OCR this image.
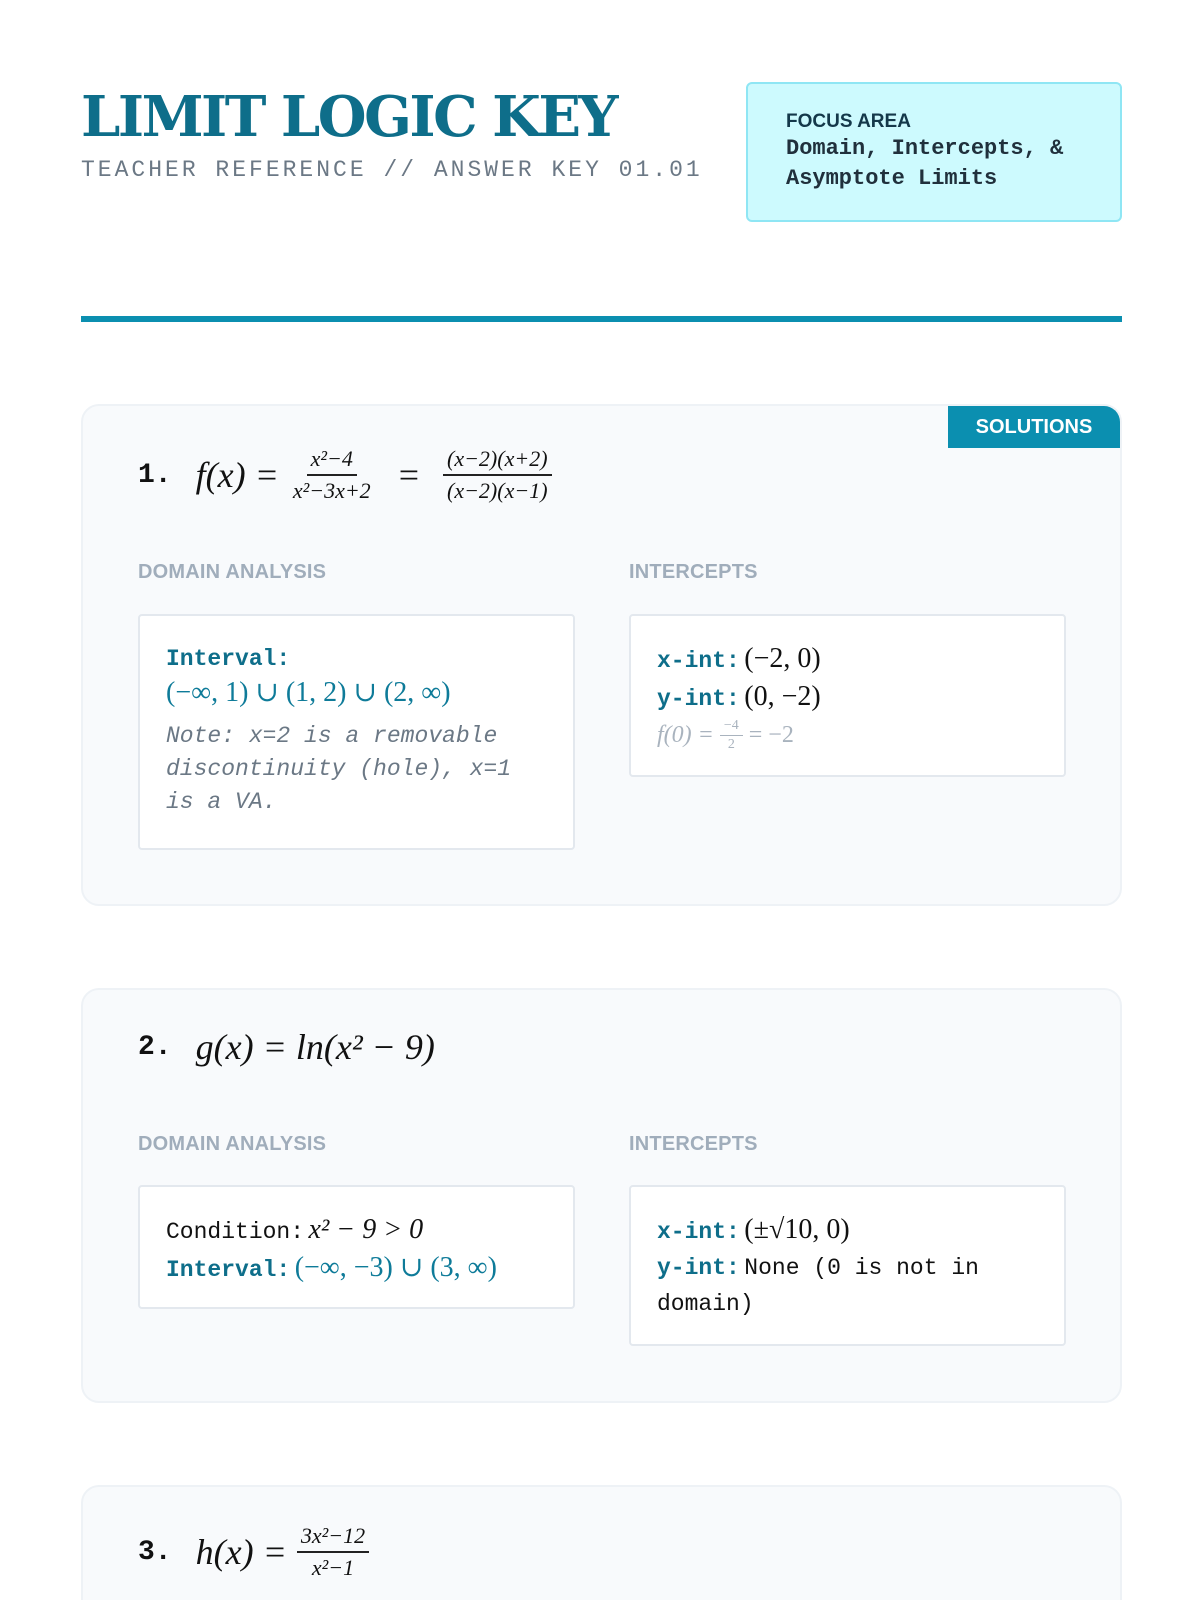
LIMIT LOGIC KEY
TEACHER REFERENCE // ANSWER KEY 01.01
FOCUS AREA
Domain, Intercepts, &
Asymptote Limits
SOLUTIONS
1. $f(x) = \frac{\text{x²−4}}{\text{x²−3x+2}} = \frac{(x-2)(x+2)}{(x-2)(x-1)}$
DOMAIN ANALYSIS	INTERCEPTS
Interval:
(−∞, 1) ∪ (1, 2) ∪ (2, ∞)
Note: x=2 is a removable discontinuity (hole), x=1 is a VA.
x-int: (−2, 0)
y-int: (0, −2)
$f(0) = \frac{-4}{2} = -2$
2. g(x) = ln(x² − 9)
DOMAIN ANALYSIS	INTERCEPTS
Condition: x² − 9 > 0
Interval: (−∞, −3) ∪ (3, ∞)
x-int: (±√10, 0)
y-int: None (0 is not in domain)
3. $h(x) = \frac{\text{3x²−12}}{\text{x²−1}}$
